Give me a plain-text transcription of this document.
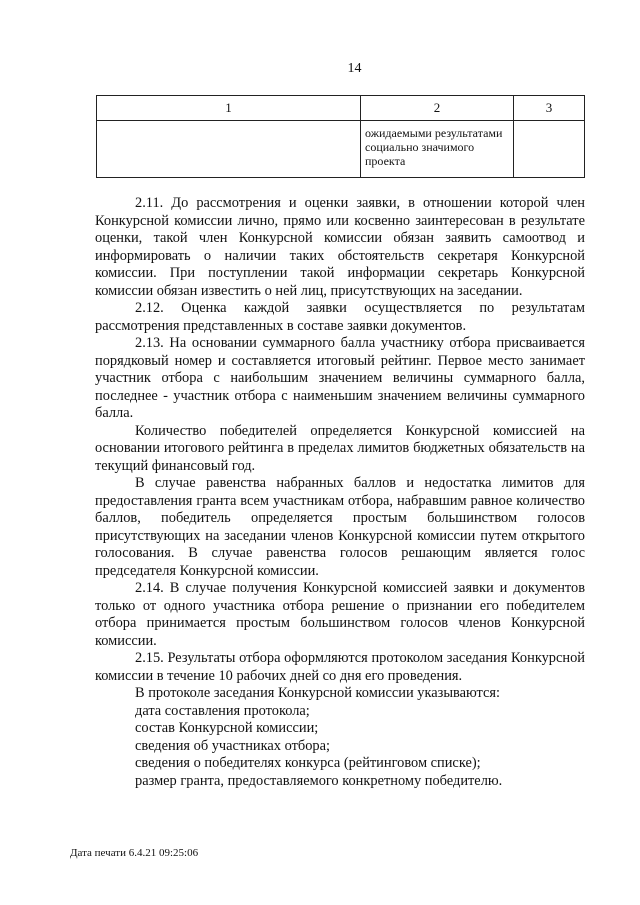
14
1	2	3

	ожидаемыми результатами социально значимого проекта	

2.11. До рассмотрения и оценки заявки, в отношении которой член Конкурсной комиссии лично, прямо или косвенно заинтересован в результате оценки, такой член Конкурсной комиссии обязан заявить самоотвод и информировать о наличии таких обстоятельств секретаря Конкурсной комиссии. При поступлении такой информации секретарь Конкурсной комиссии обязан известить о ней лиц, присутствующих на заседании.

2.12. Оценка каждой заявки осуществляется по результатам рассмотрения представленных в составе заявки документов.

2.13. На основании суммарного балла участнику отбора присваивается порядковый номер и составляется итоговый рейтинг. Первое место занимает участник отбора с наибольшим значением величины суммарного балла, последнее - участник отбора с наименьшим значением величины суммарного балла.

Количество победителей определяется Конкурсной комиссией на основании итогового рейтинга в пределах лимитов бюджетных обязательств на текущий финансовый год.

В случае равенства набранных баллов и недостатка лимитов для предоставления гранта всем участникам отбора, набравшим равное количество баллов, победитель определяется простым большинством голосов присутствующих на заседании членов Конкурсной комиссии путем открытого голосования. В случае равенства голосов решающим является голос председателя Конкурсной комиссии.

2.14. В случае получения Конкурсной комиссией заявки и документов только от одного участника отбора решение о признании его победителем отбора принимается простым большинством голосов членов Конкурсной комиссии.

2.15. Результаты отбора оформляются протоколом заседания Конкурсной комиссии в течение 10 рабочих дней со дня его проведения.

В протоколе заседания Конкурсной комиссии указываются:

дата составления протокола;

состав Конкурсной комиссии;

сведения об участниках отбора;

сведения о победителях конкурса (рейтинговом списке);

размер гранта, предоставляемого конкретному победителю.

Дата печати 6.4.21 09:25:06
